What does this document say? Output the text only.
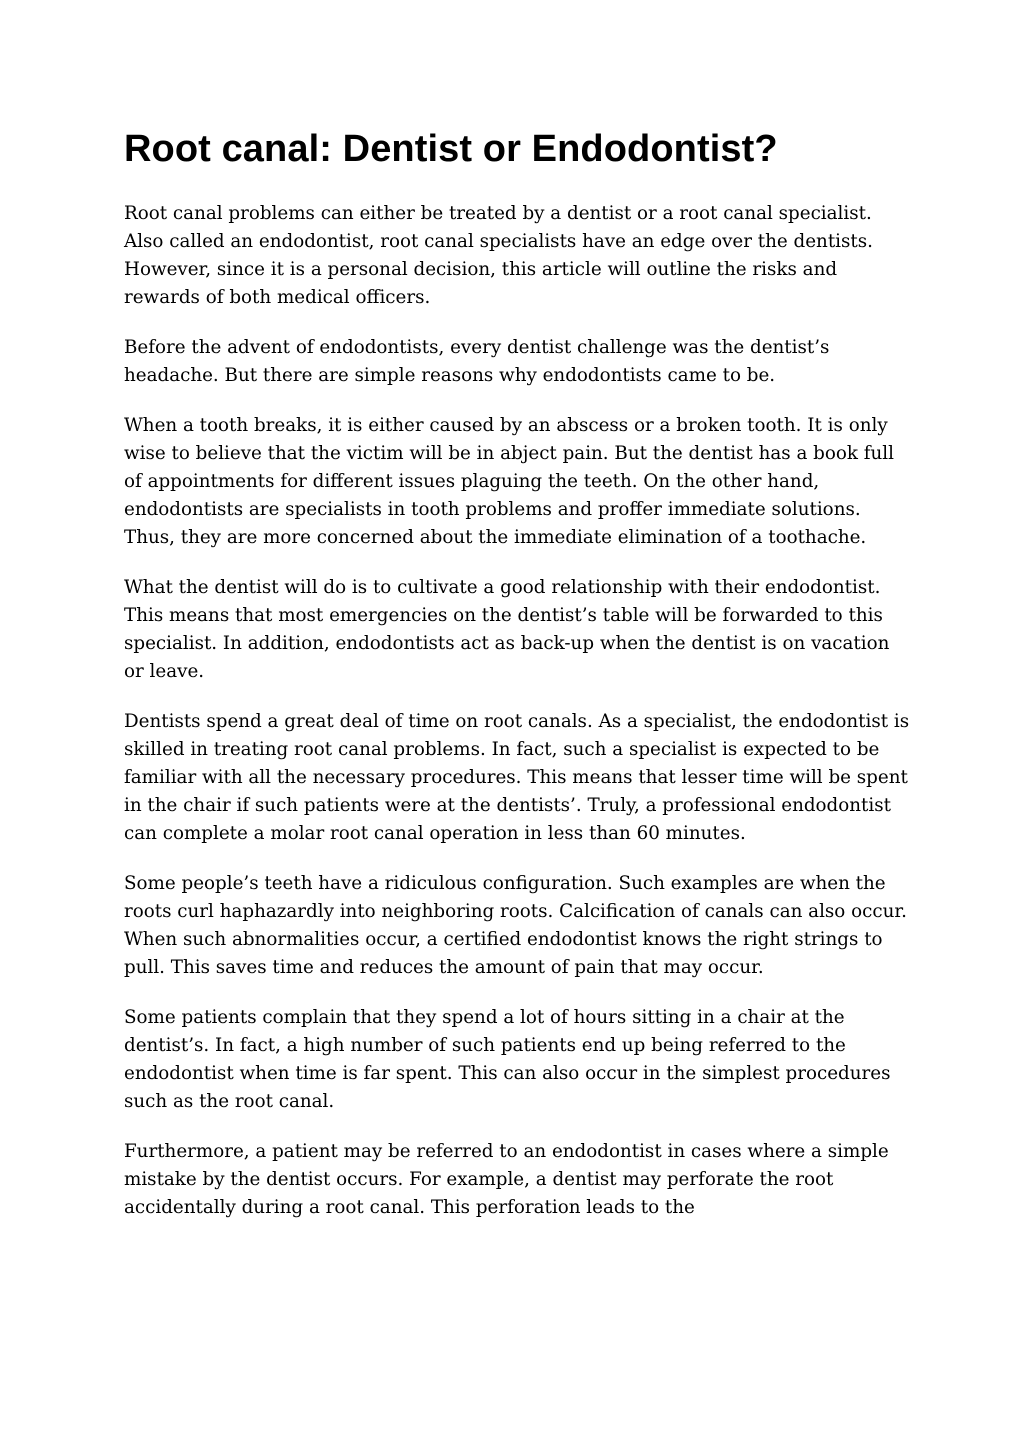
Root canal: Dentist or Endodontist?

Root canal problems can either be treated by a dentist or a root canal specialist. Also called an endodontist, root canal specialists have an edge over the dentists. However, since it is a personal decision, this article will outline the risks and rewards of both medical officers.

Before the advent of endodontists, every dentist challenge was the dentist’s headache. But there are simple reasons why endodontists came to be.

When a tooth breaks, it is either caused by an abscess or a broken tooth. It is only wise to believe that the victim will be in abject pain. But the dentist has a book full of appointments for different issues plaguing the teeth. On the other hand, endodontists are specialists in tooth problems and proffer immediate solutions. Thus, they are more concerned about the immediate elimination of a toothache.

What the dentist will do is to cultivate a good relationship with their endodontist. This means that most emergencies on the dentist’s table will be forwarded to this specialist. In addition, endodontists act as back-up when the dentist is on vacation or leave.

Dentists spend a great deal of time on root canals. As a specialist, the endodontist is skilled in treating root canal problems. In fact, such a specialist is expected to be familiar with all the necessary procedures. This means that lesser time will be spent in the chair if such patients were at the dentists’. Truly, a professional endodontist can complete a molar root canal operation in less than 60 minutes.

Some people’s teeth have a ridiculous configuration. Such examples are when the roots curl haphazardly into neighboring roots. Calcification of canals can also occur. When such abnormalities occur, a certified endodontist knows the right strings to pull. This saves time and reduces the amount of pain that may occur.

Some patients complain that they spend a lot of hours sitting in a chair at the dentist’s. In fact, a high number of such patients end up being referred to the endodontist when time is far spent. This can also occur in the simplest procedures such as the root canal.

Furthermore, a patient may be referred to an endodontist in cases where a simple mistake by the dentist occurs. For example, a dentist may perforate the root accidentally during a root canal. This perforation leads to the
